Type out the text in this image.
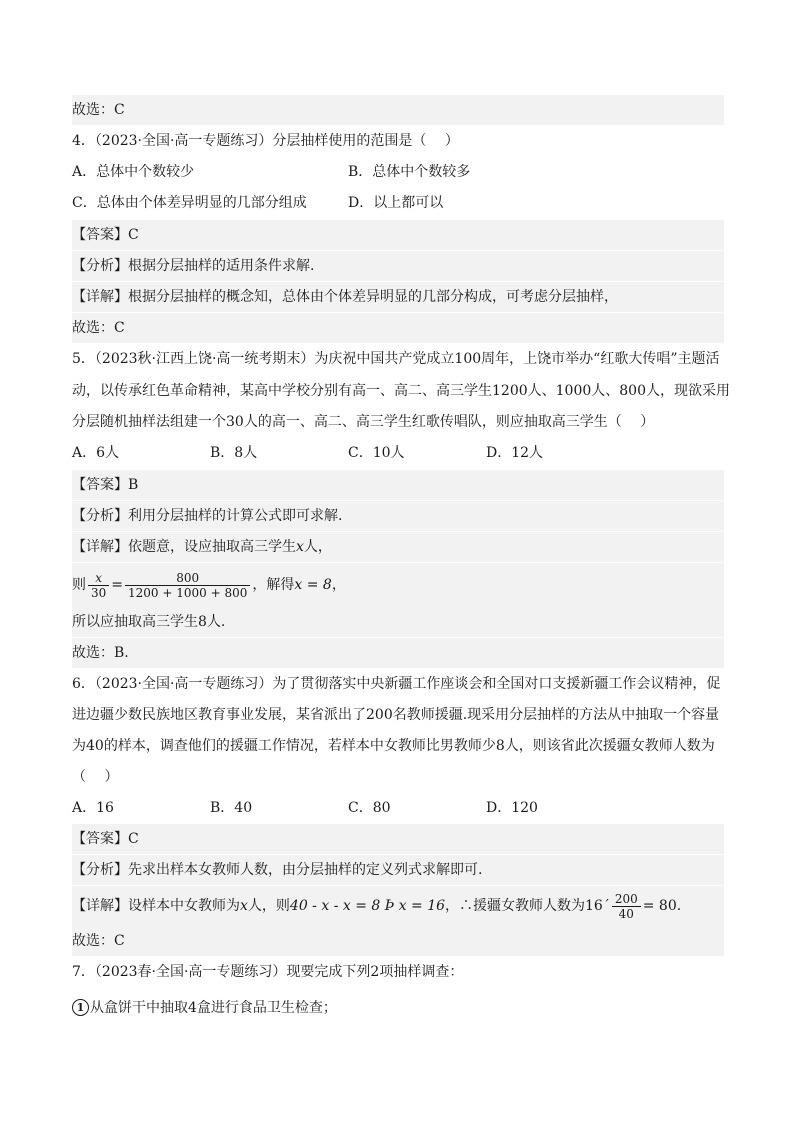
故选：C
4．（2023·全国·高一专题练习）分层抽样使用的范围是（　 ）
A．总体中个数较少	B．总体中个数较多
C．总体由个体差异明显的几部分组成	D．以上都可以
【答案】C
【分析】根据分层抽样的适用条件求解.
【详解】根据分层抽样的概念知，总体由个体差异明显的几部分构成，可考虑分层抽样，
故选：C
5．（2023秋·江西上饶·高一统考期末）为庆祝中国共产党成立100周年，上饶市举办“红歌大传唱”主题活
动，以传承红色革命精神，某高中学校分别有高一、高二、高三学生1200人、1000人、800人，现欲采用
分层随机抽样法组建一个30人的高一、高二、高三学生红歌传唱队，则应抽取高三学生（　 ）
A．6人	B．8人	C．10人	D．12人
【答案】B
【分析】利用分层抽样的计算公式即可求解.
【详解】依题意，设应抽取高三学生x人，
则 $\frac{x}{30} = \frac{800}{1200 + 1000 + 800}$ ，解得x = 8，
所以应抽取高三学生8人.
故选：B.
6．（2023·全国·高一专题练习）为了贯彻落实中央新疆工作座谈会和全国对口支援新疆工作会议精神，促
进边疆少数民族地区教育事业发展，某省派出了200名教师援疆.现采用分层抽样的方法从中抽取一个容量
为40的样本，调查他们的援疆工作情况，若样本中女教师比男教师少8人，则该省此次援疆女教师人数为
（　 ）
A．16	B．40	C．80	D．120
【答案】C
【分析】先求出样本女教师人数，由分层抽样的定义列式求解即可.
【详解】设样本中女教师为x人，则40 - x - x = 8 Þ x = 16，∴援疆女教师人数为16´ $\frac{200}{40} = 80$.
故选：C
7．（2023春·全国·高一专题练习）现要完成下列2项抽样调查：
1 从盒饼干中抽取4盒进行食品卫生检查；
